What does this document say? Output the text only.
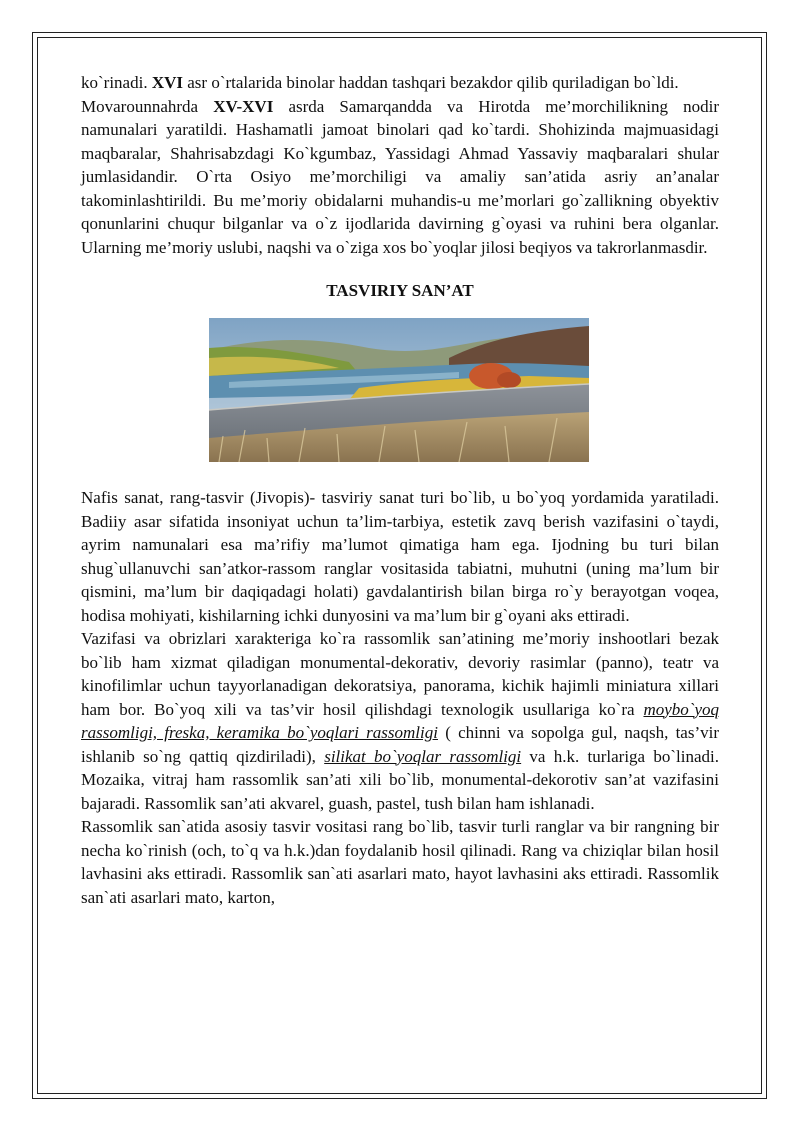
ko`rinadi. XVI asr o`rtalarida binolar haddan tashqari bezakdor qilib quriladigan bo`ldi.

Movarounnahrda XV-XVI asrda Samarqandda va Hirotda me’morchilikning nodir namunalari yaratildi. Hashamatli jamoat binolari qad ko`tardi. Shohizinda majmuasidagi maqbaralar, Shahrisabzdagi Ko`kgumbaz, Yassidagi Ahmad Yassaviy maqbaralari shular jumlasidandir. O`rta Osiyo me’morchiligi va amaliy san’atida asriy an’analar takominlashtirildi. Bu me’moriy obidalarni muhandis-u me’morlari go`zallikning obyektiv qonunlarini chuqur bilganlar va o`z ijodlarida davirning g`oyasi va ruhini bera olganlar. Ularning me’moriy uslubi, naqshi va o`ziga xos bo`yoqlar jilosi beqiyos va takrorlanmasdir.

TASVIRIY SAN’AT

Nafis sanat, rang-tasvir (Jivopis)- tasviriy sanat turi bo`lib, u bo`yoq yordamida yaratiladi. Badiiy asar sifatida insoniyat uchun ta’lim-tarbiya, estetik zavq berish vazifasini o`taydi, ayrim namunalari esa ma’rifiy ma’lumot qimatiga ham ega. Ijodning bu turi bilan shug`ullanuvchi san’atkor-rassom ranglar vositasida tabiatni, muhutni (uning ma’lum bir qismini, ma’lum bir daqiqadagi holati) gavdalantirish bilan birga ro`y berayotgan voqea, hodisa mohiyati, kishilarning ichki dunyosini va ma’lum bir g`oyani aks ettiradi.

Vazifasi va obrizlari xarakteriga ko`ra rassomlik san’atining me’moriy inshootlari bezak bo`lib ham xizmat qiladigan monumental-dekorativ, devoriy rasimlar (panno), teatr va kinofilimlar uchun tayyorlanadigan dekoratsiya, panorama, kichik hajimli miniatura xillari ham bor. Bo`yoq xili va tas’vir hosil qilishdagi texnologik usullariga ko`ra moybo`yoq rassomligi, freska, keramika bo`yoqlari rassomligi ( chinni va sopolga gul, naqsh, tas’vir ishlanib so`ng qattiq qizdiriladi), silikat bo`yoqlar rassomligi va h.k. turlariga bo`linadi. Mozaika, vitraj ham rassomlik san’ati xili bo`lib, monumental-dekorotiv san’at vazifasini bajaradi. Rassomlik san’ati akvarel, guash, pastel, tush bilan ham ishlanadi.

Rassomlik san`atida asosiy tasvir vositasi rang bo`lib, tasvir turli ranglar va bir rangning bir necha ko`rinish (och, to`q va h.k.)dan foydalanib hosil qilinadi. Rang va chiziqlar bilan hosil lavhasini aks ettiradi. Rassomlik san`ati asarlari mato, hayot lavhasini aks ettiradi. Rassomlik san`ati asarlari mato, karton,
